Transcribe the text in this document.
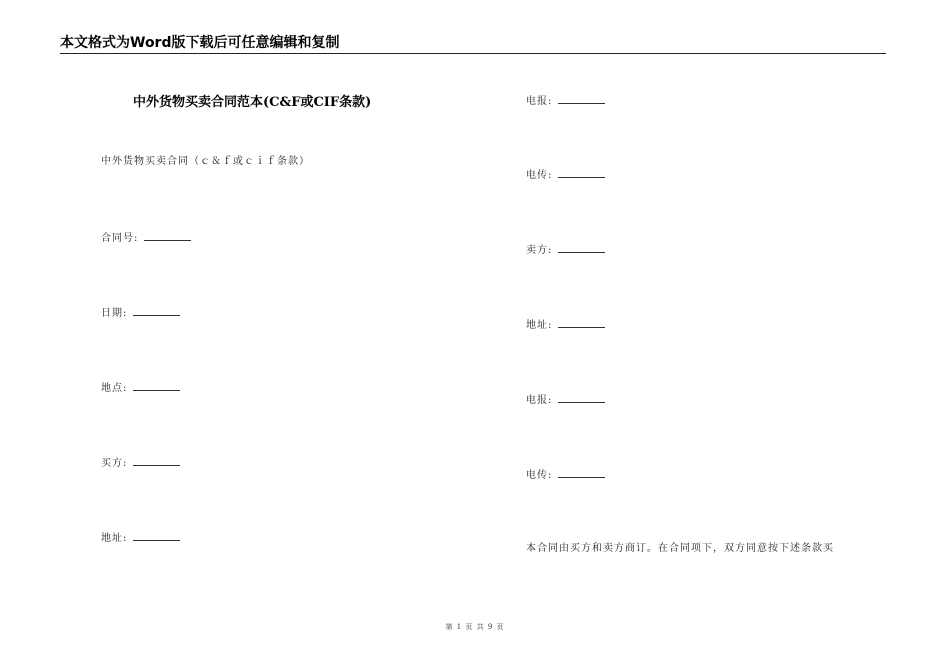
本文格式为Word版下载后可任意编辑和复制
中外货物买卖合同范本(C&F或CIF条款)
中外货物买卖合同（ｃ＆ｆ或ｃｉｆ条款）
合同号:
日期:
地点:
买方:
地址:
电报:
电传:
卖方:
地址:
电报:
电传:
本合同由买方和卖方商订。在合同项下，双方同意按下述条款买
第 1 页 共 9 页
